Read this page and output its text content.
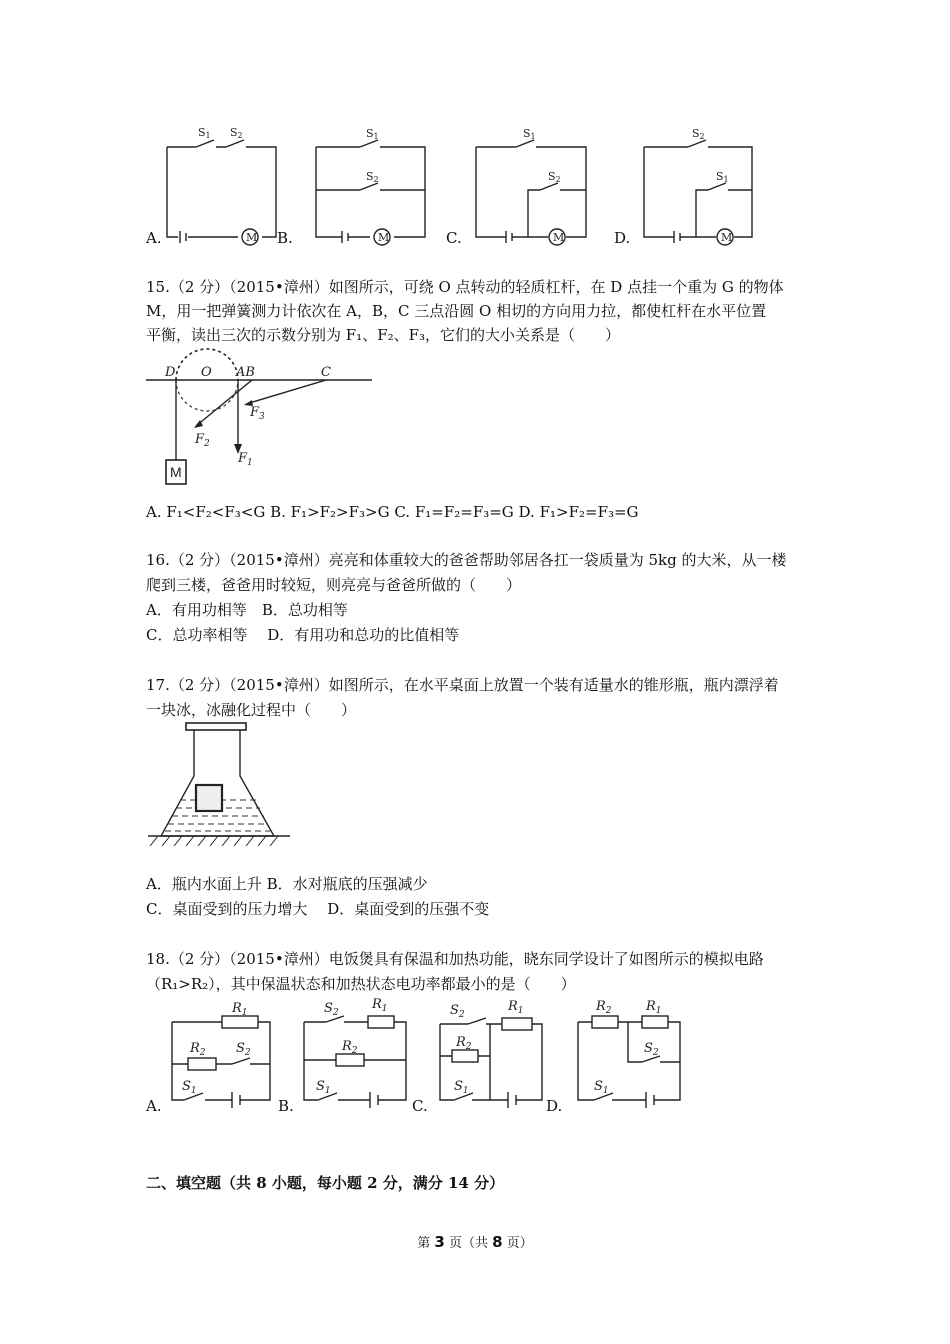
A.	B.	C.	D.
M
S1 S2
M
S1
S2
M
S1
S2
M
S2
S1
15.（2 分）（2015•漳州）如图所示，可绕 O 点转动的轻质杠杆，在 D 点挂一个重为 G 的物体
M，用一把弹簧测力计依次在 A，B，C 三点沿圆 O 相切的方向用力拉，都使杠杆在水平位置
平衡，读出三次的示数分别为 F₁、F₂、F₃，它们的大小关系是（　　）
M
D O AB	C
$F_3$
$F_2$
$F_1$
A. F₁<F₂<F₃<G B. F₁>F₂>F₃>G C. F₁=F₂=F₃=G D. F₁>F₂=F₃=G
16.（2 分）（2015•漳州）亮亮和体重较大的爸爸帮助邻居各扛一袋质量为 5kg 的大米，从一楼
爬到三楼，爸爸用时较短，则亮亮与爸爸所做的（　　）
A．有用功相等　B．总功相等
C．总功率相等　 D．有用功和总功的比值相等
17.（2 分）（2015•漳州）如图所示，在水平桌面上放置一个装有适量水的锥形瓶，瓶内漂浮着
一块冰，冰融化过程中（　　）
A．瓶内水面上升 B．水对瓶底的压强减少
C．桌面受到的压力增大　 D．桌面受到的压强不变
18.（2 分）（2015•漳州）电饭煲具有保温和加热功能，晓东同学设计了如图所示的模拟电路
（R₁>R₂），其中保温状态和加热状态电功率都最小的是（　　）
$R_1$
$R_2$ $S_2$
$S_1$
$S_2$
$R_1$
$R_2$
$S_1$
$S_2$
$R_1$
$R_2$
$S_1$
$R_2$	$R_1$
$S_2$
$S_1$
A.	B.	C.	D.
二、填空题（共 8 小题，每小题 2 分，满分 14 分）
第 3 页（共 8 页）
